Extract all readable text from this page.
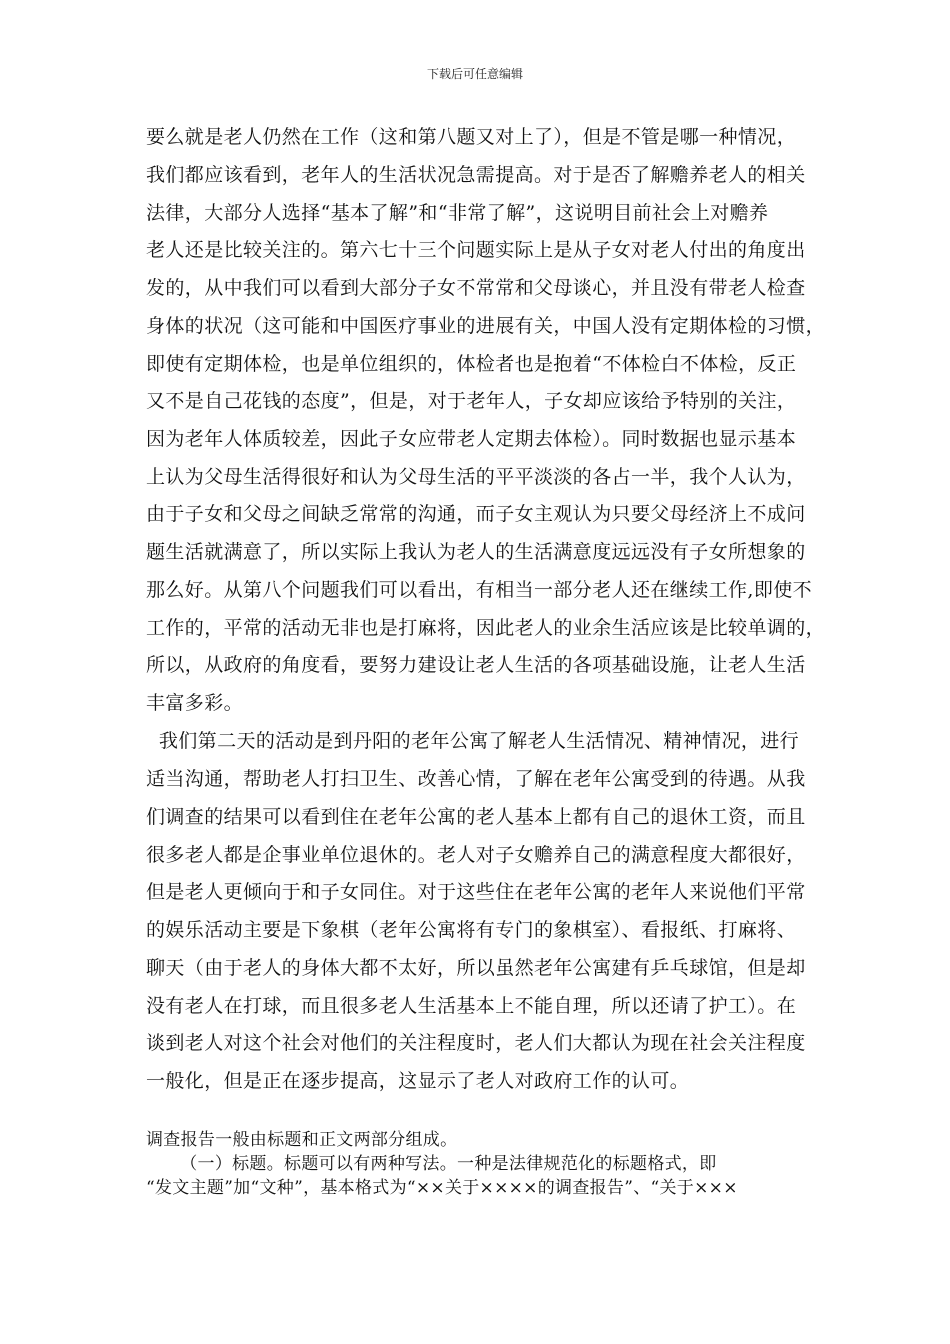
下载后可任意编辑
要么就是老人仍然在工作（这和第八题又对上了），但是不管是哪一种情况，
我们都应该看到，老年人的生活状况急需提高。对于是否了解赡养老人的相关
法律，大部分人选择“基本了解”和“非常了解”，这说明目前社会上对赡养
老人还是比较关注的。第六七十三个问题实际上是从子女对老人付出的角度出
发的，从中我们可以看到大部分子女不常常和父母谈心，并且没有带老人检查
身体的状况（这可能和中国医疗事业的进展有关，中国人没有定期体检的习惯，
即使有定期体检，也是单位组织的，体检者也是抱着“不体检白不体检，反正
又不是自己花钱的态度”，但是，对于老年人，子女却应该给予特别的关注，
因为老年人体质较差，因此子女应带老人定期去体检）。同时数据也显示基本
上认为父母生活得很好和认为父母生活的平平淡淡的各占一半，我个人认为，
由于子女和父母之间缺乏常常的沟通，而子女主观认为只要父母经济上不成问
题生活就满意了，所以实际上我认为老人的生活满意度远远没有子女所想象的
那么好。从第八个问题我们可以看出，有相当一部分老人还在继续工作,即使不
工作的，平常的活动无非也是打麻将，因此老人的业余生活应该是比较单调的，
所以，从政府的角度看，要努力建设让老人生活的各项基础设施，让老人生活
丰富多彩。
我们第二天的活动是到丹阳的老年公寓了解老人生活情况、精神情况，进行
适当沟通，帮助老人打扫卫生、改善心情，了解在老年公寓受到的待遇。从我
们调查的结果可以看到住在老年公寓的老人基本上都有自己的退休工资，而且
很多老人都是企事业单位退休的。老人对子女赡养自己的满意程度大都很好，
但是老人更倾向于和子女同住。对于这些住在老年公寓的老年人来说他们平常
的娱乐活动主要是下象棋（老年公寓将有专门的象棋室）、看报纸、打麻将、
聊天（由于老人的身体大都不太好，所以虽然老年公寓建有乒乓球馆，但是却
没有老人在打球，而且很多老人生活基本上不能自理，所以还请了护工）。在
谈到老人对这个社会对他们的关注程度时，老人们大都认为现在社会关注程度
一般化，但是正在逐步提高，这显示了老人对政府工作的认可。
调查报告一般由标题和正文两部分组成。
（一）标题。标题可以有两种写法。一种是法律规范化的标题格式，即
“发文主题”加“文种”，基本格式为“××关于××××的调查报告”、“关于×××
